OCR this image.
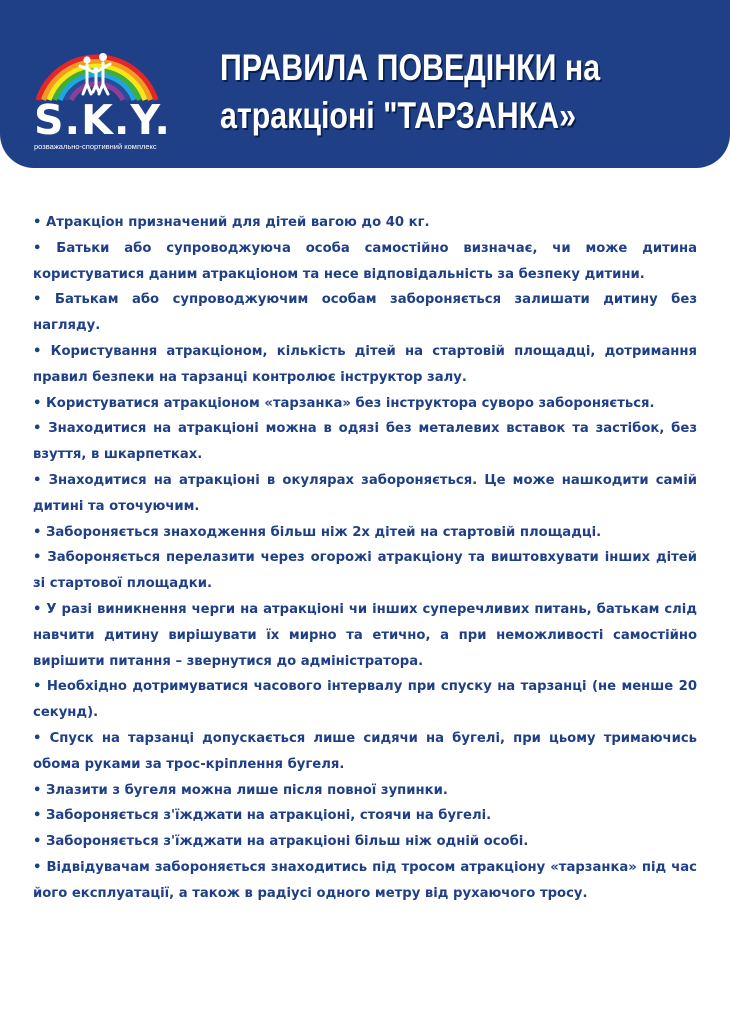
S.K.Y.
розважально-спортивний комплекс
ПРАВИЛА ПОВЕДІНКИ на
атракціоні "ТАРЗАНКА»
• Атракціон призначений для дітей вагою до 40 кг.
• Батьки або супроводжуюча особа самостійно визначає, чи може дитина користуватися даним атракціоном та несе відповідальність за безпеку дитини.
• Батькам або супроводжуючим особам забороняється залишати дитину без нагляду.
• Користування атракціоном, кількість дітей на стартовій площадці, дотримання правил безпеки на тарзанці контролює інструктор залу.
• Користуватися атракціоном «тарзанка» без інструктора суворо забороняється.
• Знаходитися на атракціоні можна в одязі без металевих вставок та застібок, без взуття, в шкарпетках.
• Знаходитися на атракціоні в окулярах забороняється. Це може нашкодити самій дитині та оточуючим.
• Забороняється знаходження більш ніж 2х дітей на стартовій площадці.
• Забороняється перелазити через огорожі атракціону та виштовхувати інших дітей зі стартової площадки.
• У разі виникнення черги на атракціоні чи інших суперечливих питань, батькам слід навчити дитину вирішувати їх мирно та етично, а при неможливості самостійно вирішити питання – звернутися до адміністратора.
• Необхідно дотримуватися часового інтервалу при спуску на тарзанці (не менше 20 секунд).
• Спуск на тарзанці допускається лише сидячи на бугелі, при цьому тримаючись обома руками за трос-кріплення бугеля.
• Злазити з бугеля можна лише після повної зупинки.
• Забороняється з'їжджати на атракціоні, стоячи на бугелі.
• Забороняється з'їжджати на атракціоні більш ніж одній особі.
• Відвідувачам забороняється знаходитись під тросом атракціону «тарзанка» під час його експлуатації, а також в радіусі одного метру від рухаючого тросу.
